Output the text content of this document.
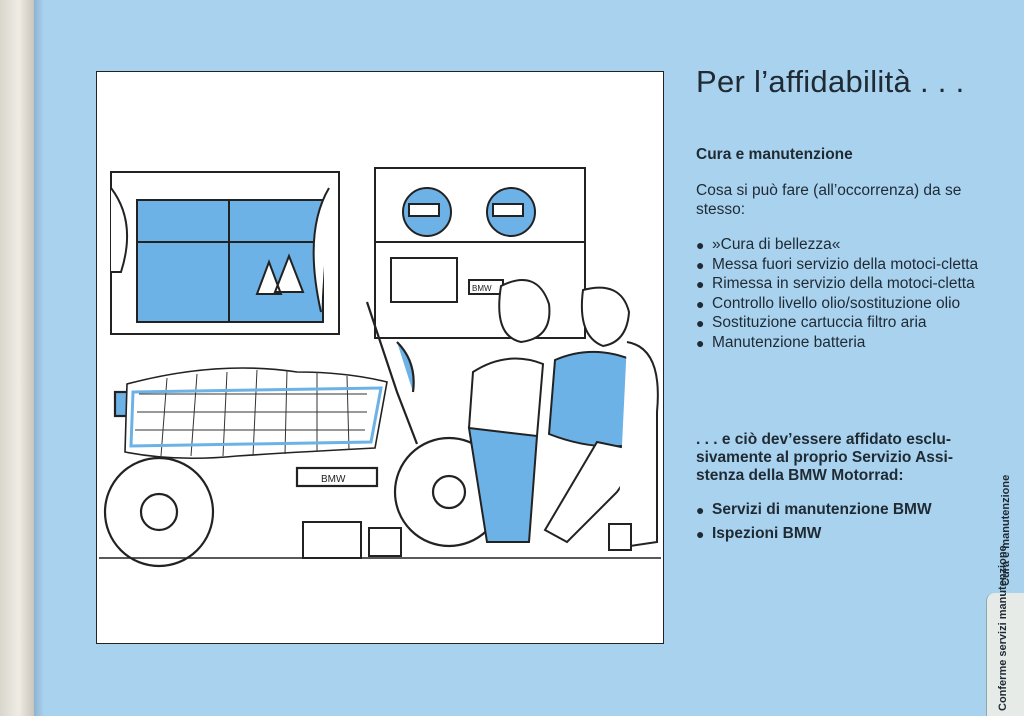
BMW
BMW
Per l’affidabilità . . .
Cura e manutenzione
Cosa si può fare (all’occorrenza) da se stesso:
● »Cura di bellezza«
● Messa fuori servizio della motoci-cletta
● Rimessa in servizio della motoci-cletta
● Controllo livello olio/sostituzione olio
● Sostituzione cartuccia filtro aria
● Manutenzione batteria
. . . e ciò dev’essere affidato esclu-sivamente al proprio Servizio Assi-stenza della BMW Motorrad:
● Servizi di manutenzione BMW
● Ispezioni BMW	Cura e manutenzione
Conferme servizi manutenzione
